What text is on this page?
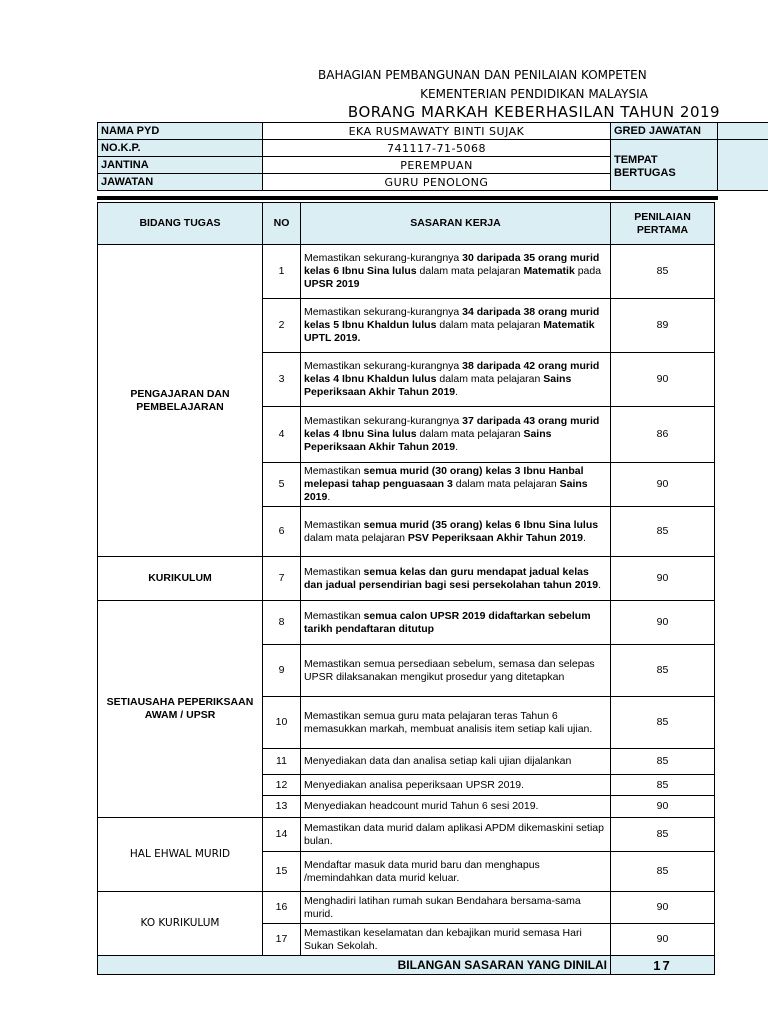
BAHAGIAN PEMBANGUNAN DAN PENILAIAN KOMPETEN
KEMENTERIAN PENDIDIKAN MALAYSIA
BORANG MARKAH KEBERHASILAN TAHUN 2019
NAMA PYD	EKA RUSMAWATY BINTI SUJAK	GRED JAWATAN	
NO.K.P.	741117-71-5068	TEMPAT BERTUGAS	
JANTINA	PEREMPUAN		
JAWATAN	GURU PENOLONG		
BIDANG TUGAS	NO	SASARAN KERJA	PENILAIAN PERTAMA	
PENGAJARAN DAN PEMBELAJARAN	1	Memastikan sekurang-kurangnya 30 daripada 35 orang murid kelas 6 Ibnu Sina lulus dalam mata pelajaran Matematik pada UPSR 2019	85	
	2	Memastikan sekurang-kurangnya 34 daripada 38 orang murid kelas 5 Ibnu Khaldun lulus dalam mata pelajaran Matematik UPTL 2019.	89	
	3	Memastikan sekurang-kurangnya 38 daripada 42 orang murid kelas 4 Ibnu Khaldun lulus dalam mata pelajaran Sains Peperiksaan Akhir Tahun 2019.	90	
	4	Memastikan sekurang-kurangnya 37 daripada 43 orang murid kelas 4 Ibnu Sina lulus dalam mata pelajaran Sains Peperiksaan Akhir Tahun 2019.	86	
	5	Memastikan semua murid (30 orang) kelas 3 Ibnu Hanbal melepasi tahap penguasaan 3 dalam mata pelajaran Sains 2019.	90	
	6	Memastikan semua murid (35 orang) kelas 6 Ibnu Sina lulus dalam mata pelajaran PSV Peperiksaan Akhir Tahun 2019.	85	
KURIKULUM	7	Memastikan semua kelas dan guru mendapat jadual kelas dan jadual persendirian bagi sesi persekolahan tahun 2019.	90	
SETIAUSAHA PEPERIKSAAN AWAM / UPSR	8	Memastikan semua calon UPSR 2019 didaftarkan sebelum tarikh pendaftaran ditutup	90	
	9	Memastikan semua persediaan sebelum, semasa dan selepas UPSR dilaksanakan mengikut prosedur yang ditetapkan	85	
	10	Memastikan semua guru mata pelajaran teras Tahun 6 memasukkan markah, membuat analisis item setiap kali ujian.	85	
	11	Menyediakan data dan analisa setiap kali ujian dijalankan	85	
	12	Menyediakan analisa peperiksaan UPSR 2019.	85	
	13	Menyediakan headcount murid Tahun 6 sesi 2019.	90	
HAL EHWAL MURID	14	Memastikan data murid dalam aplikasi APDM dikemaskini setiap bulan.	85	
	15	Mendaftar masuk data murid baru dan menghapus /memindahkan data murid keluar.	85	
KO KURIKULUM	16	Menghadiri latihan rumah sukan Bendahara bersama-sama murid.	90	
	17	Memastikan keselamatan dan kebajikan murid semasa Hari Sukan Sekolah.	90	
BILANGAN SASARAN YANG DINILAI			17	
